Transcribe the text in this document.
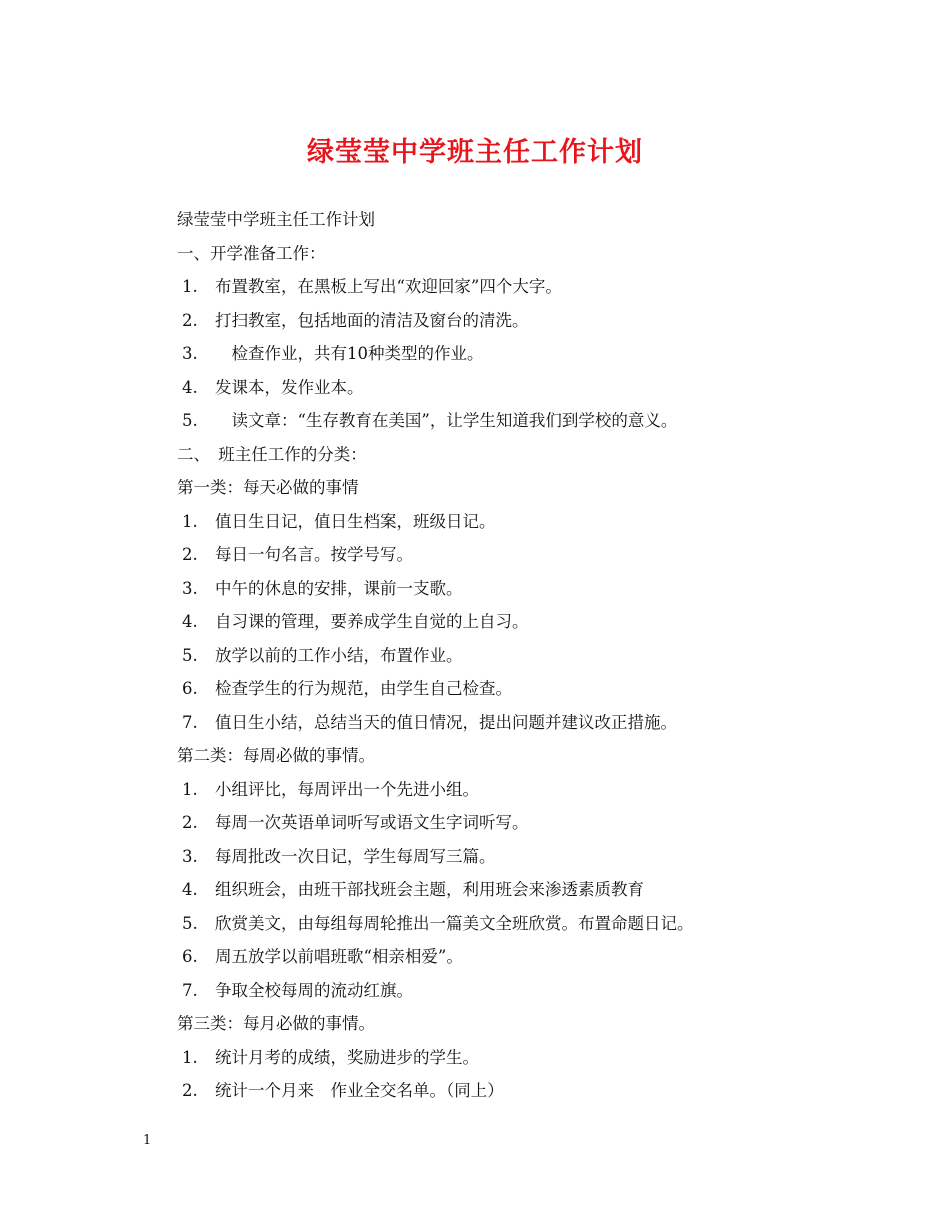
绿莹莹中学班主任工作计划
绿莹莹中学班主任工作计划
一、开学准备工作：
1. 布置教室，在黑板上写出“欢迎回家”四个大字。
2. 打扫教室，包括地面的清洁及窗台的清洗。
3. 　检查作业，共有10种类型的作业。
4. 发课本，发作业本。
5. 　读文章：“生存教育在美国”，让学生知道我们到学校的意义。
二、　班主任工作的分类：
第一类：每天必做的事情
1. 值日生日记，值日生档案，班级日记。
2. 每日一句名言。按学号写。
3. 中午的休息的安排，课前一支歌。
4. 自习课的管理，要养成学生自觉的上自习。
5. 放学以前的工作小结，布置作业。
6. 检查学生的行为规范，由学生自己检查。
7. 值日生小结，总结当天的值日情况，提出问题并建议改正措施。
第二类：每周必做的事情。
1. 小组评比，每周评出一个先进小组。
2. 每周一次英语单词听写或语文生字词听写。
3. 每周批改一次日记，学生每周写三篇。
4. 组织班会，由班干部找班会主题，利用班会来渗透素质教育
5. 欣赏美文，由每组每周轮推出一篇美文全班欣赏。布置命题日记。
6. 周五放学以前唱班歌“相亲相爱”。
7. 争取全校每周的流动红旗。
第三类：每月必做的事情。
1. 统计月考的成绩，奖励进步的学生。
2. 统计一个月来　作业全交名单。（同上）
1
